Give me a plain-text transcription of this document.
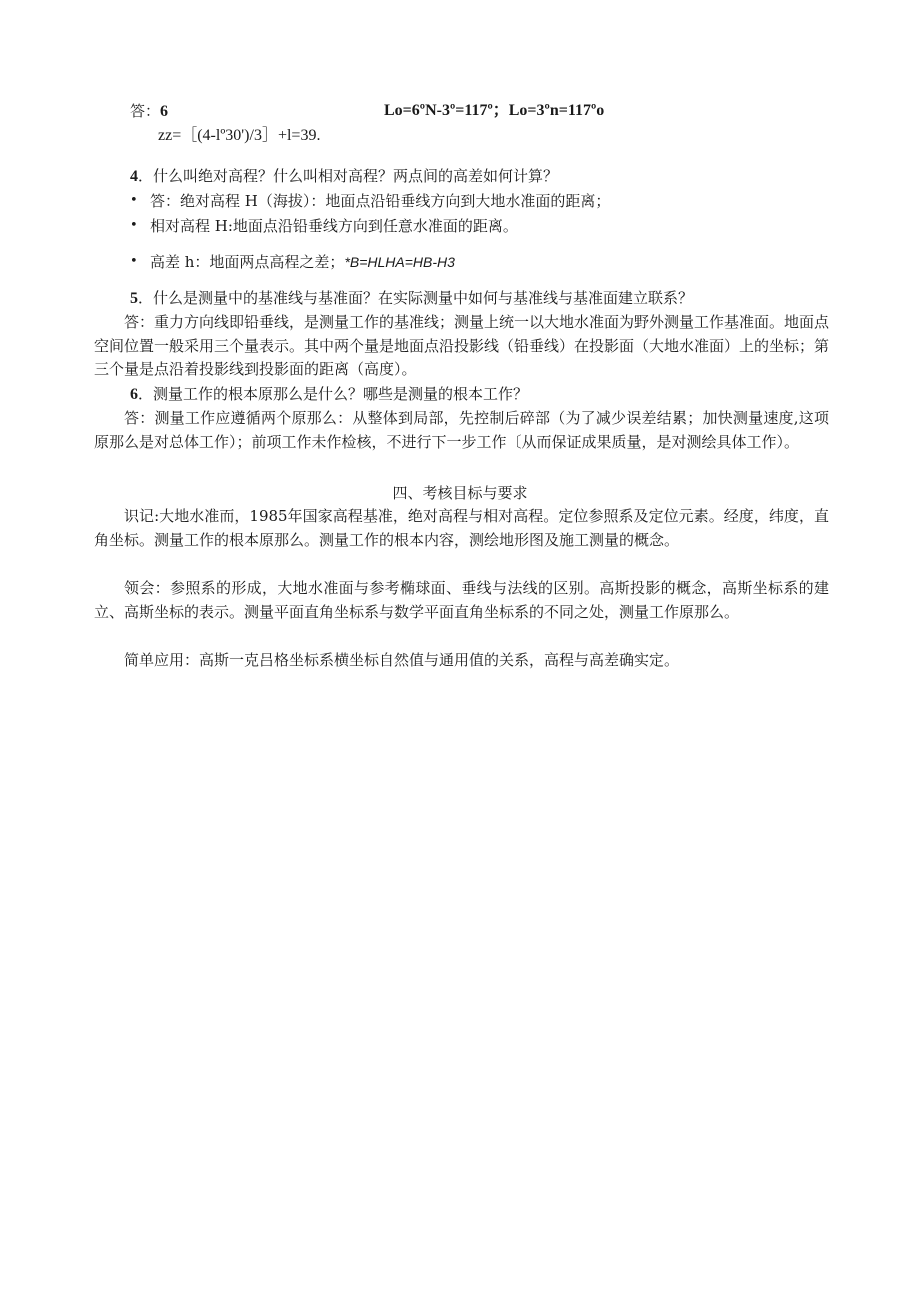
答：6	Lo=6ºN-3º=117º；Lo=3ºn=117ºo
zz=［(4-lº30')/3］+l=39.
4．什么叫绝对高程？什么叫相对高程？两点间的高差如何计算？
• 答：绝对高程 H（海拔）：地面点沿铅垂线方向到大地水准面的距离；
• 相对高程 H:地面点沿铅垂线方向到任意水准面的距离。
• 高差 h：地面两点高程之差；*B=HLHA=HB-H3
5．什么是测量中的基准线与基准面？在实际测量中如何与基准线与基准面建立联系？
答：重力方向线即铅垂线，是测量工作的基准线；测量上统一以大地水准面为野外测量工作基准面。地面点空间位置一般采用三个量表示。其中两个量是地面点沿投影线（铅垂线）在投影面（大地水准面）上的坐标；第三个量是点沿着投影线到投影面的距离（高度）。
6．测量工作的根本原那么是什么？哪些是测量的根本工作？
答：测量工作应遵循两个原那么：从整体到局部，先控制后碎部（为了减少误差结累；加快测量速度,这项原那么是对总体工作）；前项工作未作检核，不进行下一步工作〔从而保证成果质量，是对测绘具体工作）。
四、考核目标与要求
识记:大地水准而，1985年国家高程基准，绝对高程与相对高程。定位参照系及定位元素。经度，纬度，直角坐标。测量工作的根本原那么。测量工作的根本内容，测绘地形图及施工测量的概念。
领会：参照系的形成，大地水准面与参考椭球面、垂线与法线的区别。高斯投影的概念，高斯坐标系的建立、高斯坐标的表示。测量平面直角坐标系与数学平面直角坐标系的不同之处，测量工作原那么。
简单应用：高斯一克吕格坐标系横坐标自然值与通用值的关系，高程与高差确实定。
